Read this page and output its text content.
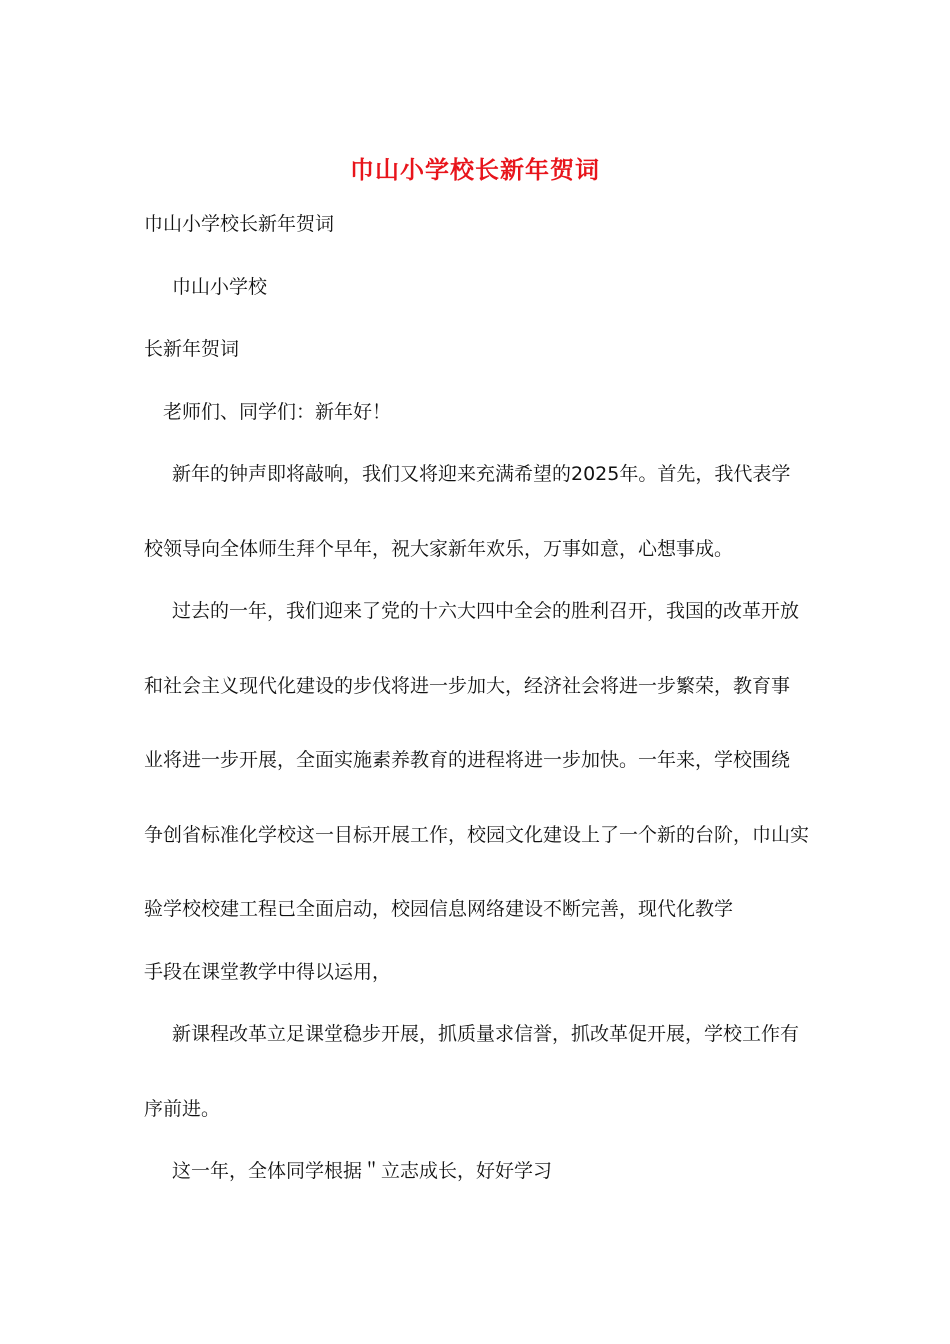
巾山小学校长新年贺词
巾山小学校长新年贺词
巾山小学校
长新年贺词
老师们、同学们：新年好！
新年的钟声即将敲响，我们又将迎来充满希望的2025年。首先，我代表学
校领导向全体师生拜个早年，祝大家新年欢乐，万事如意，心想事成。
过去的一年，我们迎来了党的十六大四中全会的胜利召开，我国的改革开放
和社会主义现代化建设的步伐将进一步加大，经济社会将进一步繁荣，教育事
业将进一步开展，全面实施素养教育的进程将进一步加快。一年来，学校围绕
争创省标准化学校这一目标开展工作，校园文化建设上了一个新的台阶，巾山实
验学校校建工程已全面启动，校园信息网络建设不断完善，现代化教学
手段在课堂教学中得以运用，
新课程改革立足课堂稳步开展，抓质量求信誉，抓改革促开展，学校工作有
序前进。
这一年，全体同学根据＂立志成长，好好学习
